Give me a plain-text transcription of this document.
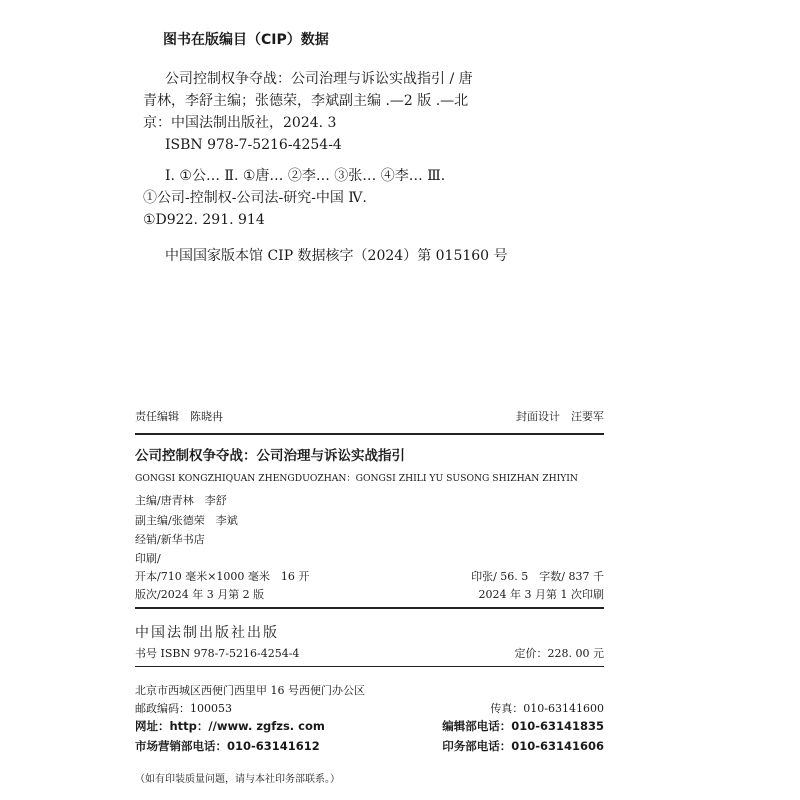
图书在版编目（CIP）数据
公司控制权争夺战：公司治理与诉讼实战指引 / 唐
青林，李舒主编；张德荣，李斌副主编 .—2 版 .—北
京：中国法制出版社，2024. 3
ISBN 978-7-5216-4254-4
Ⅰ. ①公… Ⅱ. ①唐… ②李… ③张… ④李… Ⅲ.
①公司-控制权-公司法-研究-中国 Ⅳ.
①D922. 291. 914
中国国家版本馆 CIP 数据核字（2024）第 015160 号
责任编辑　陈晓冉	封面设计　汪要军
公司控制权争夺战：公司治理与诉讼实战指引
GONGSI KONGZHIQUAN ZHENGDUOZHAN：GONGSI ZHILI YU SUSONG SHIZHAN ZHIYIN
主编/唐青林　李舒
副主编/张德荣　李斌
经销/新华书店
印刷/
开本/710 毫米×1000 毫米　16 开	印张/ 56. 5　字数/ 837 千
版次/2024 年 3 月第 2 版	2024 年 3 月第 1 次印刷
中国法制出版社出版
书号 ISBN 978-7-5216-4254-4	定价：228. 00 元
北京市西城区西便门西里甲 16 号西便门办公区
邮政编码：100053	传真：010-63141600
网址：http：//www. zgfzs. com	编辑部电话：010-63141835
市场营销部电话：010-63141612	印务部电话：010-63141606
（如有印装质量问题，请与本社印务部联系。）
